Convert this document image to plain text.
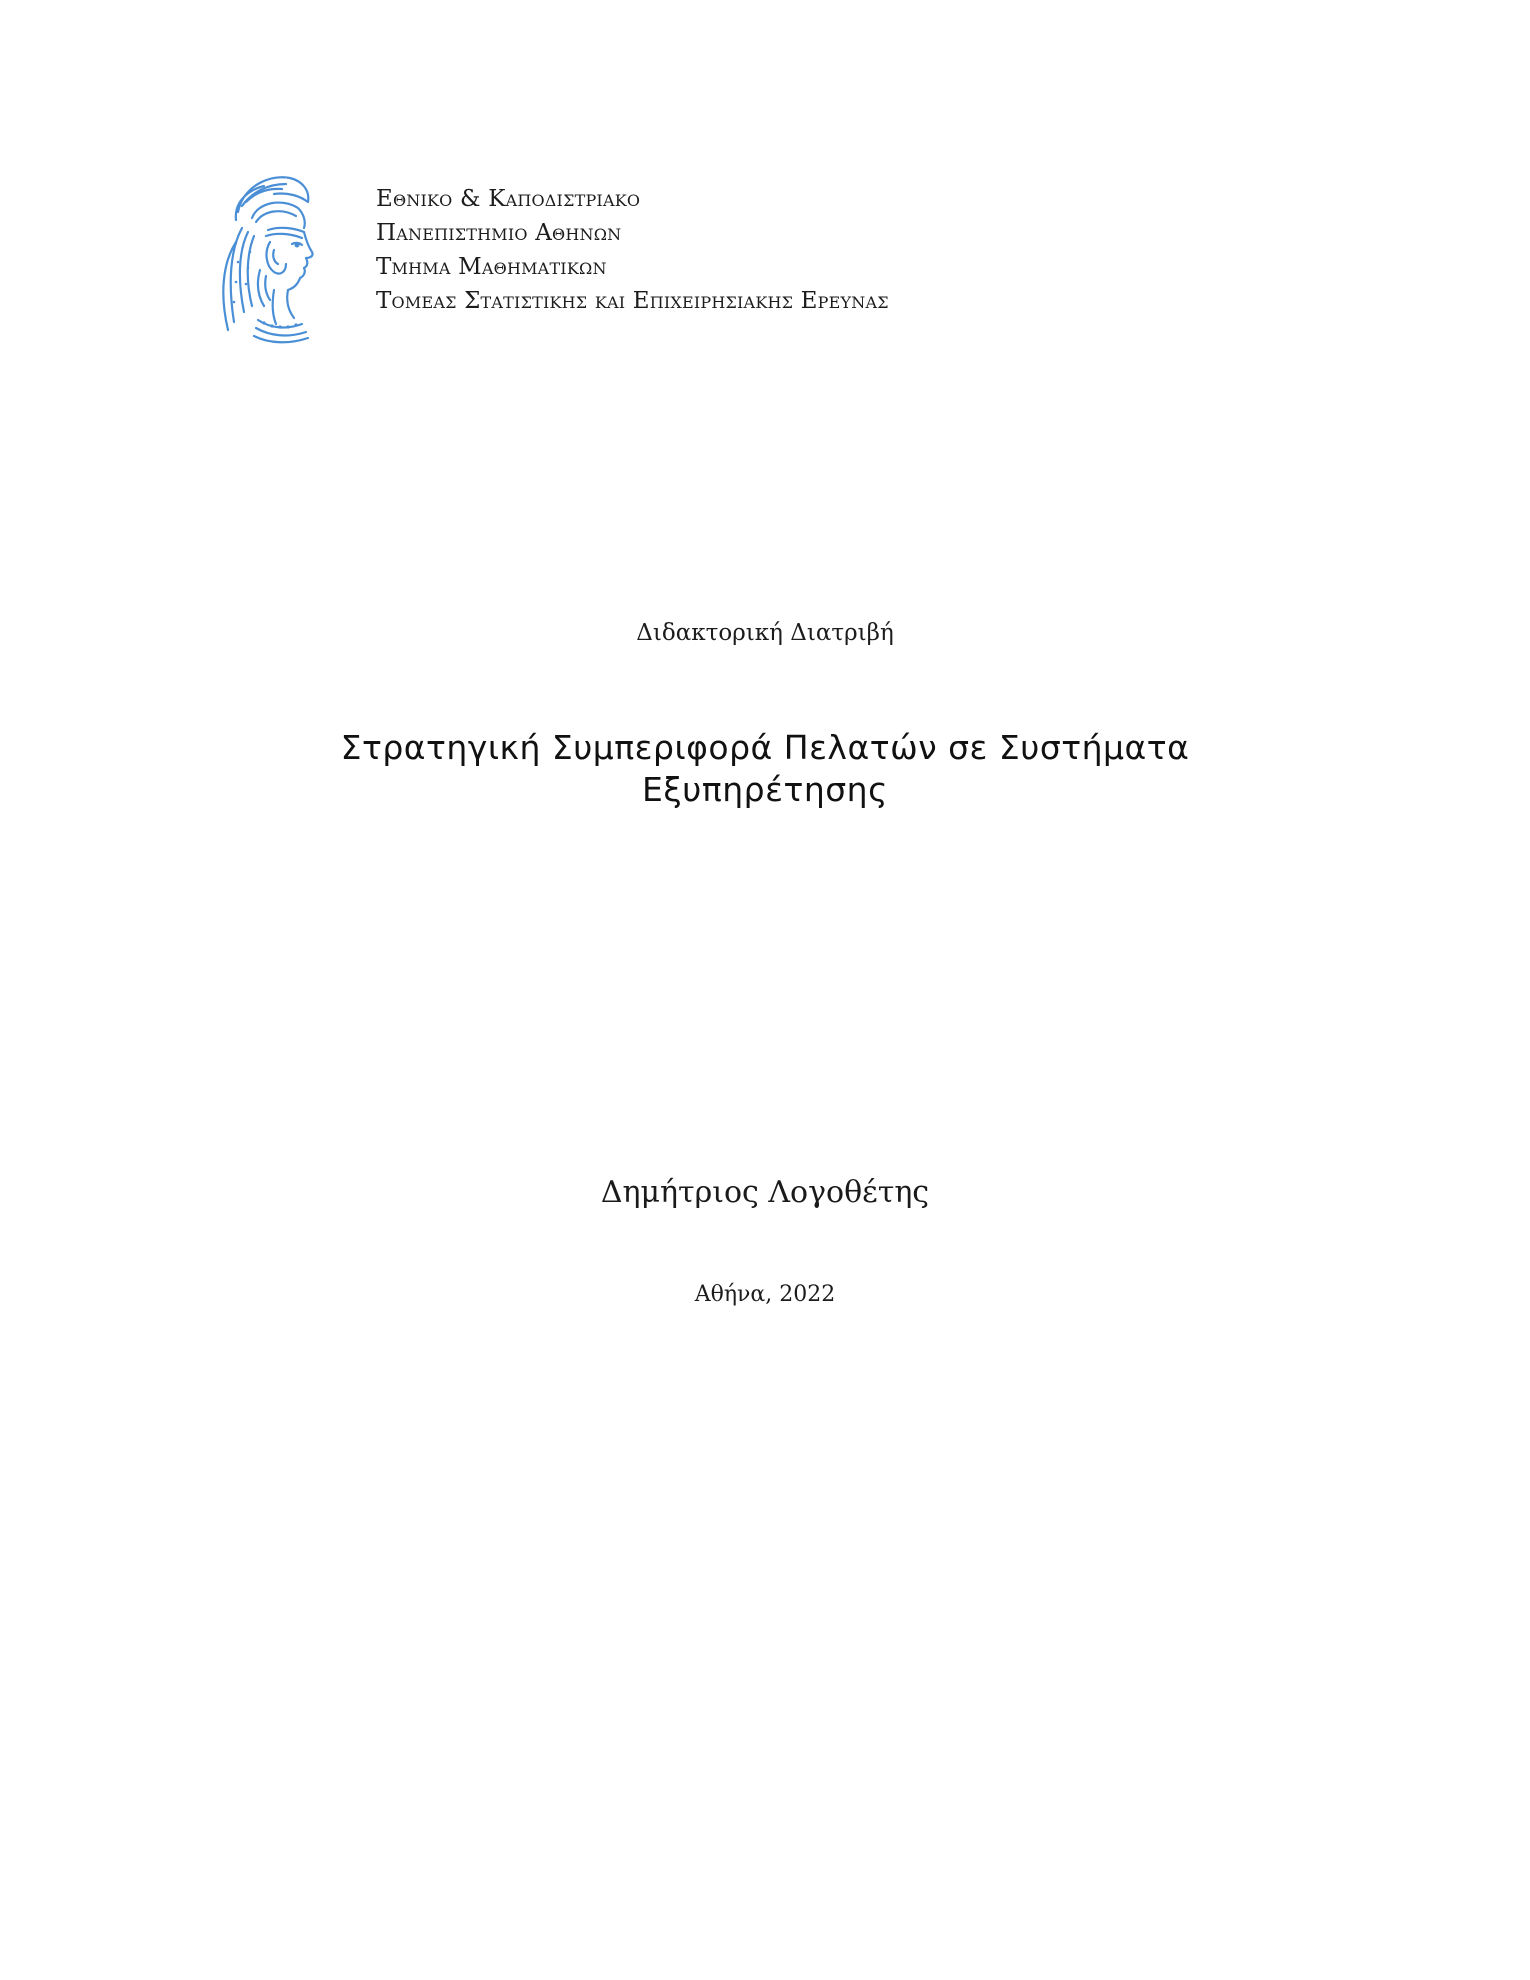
Εθνικο & Καποδιστριακο
Πανεπιστημιο Αθηνων
Τμημα Μαθηματικων
Τομεας Στατιστικης και Επιχειρησιακης Ερευνας
Διδακτορική Διατριβή
Στρατηγική Συμπεριφορά Πελατών σε Συστήματα
Εξυπηρέτησης
Δημήτριος Λογοθέτης
Αθήνα, 2022
